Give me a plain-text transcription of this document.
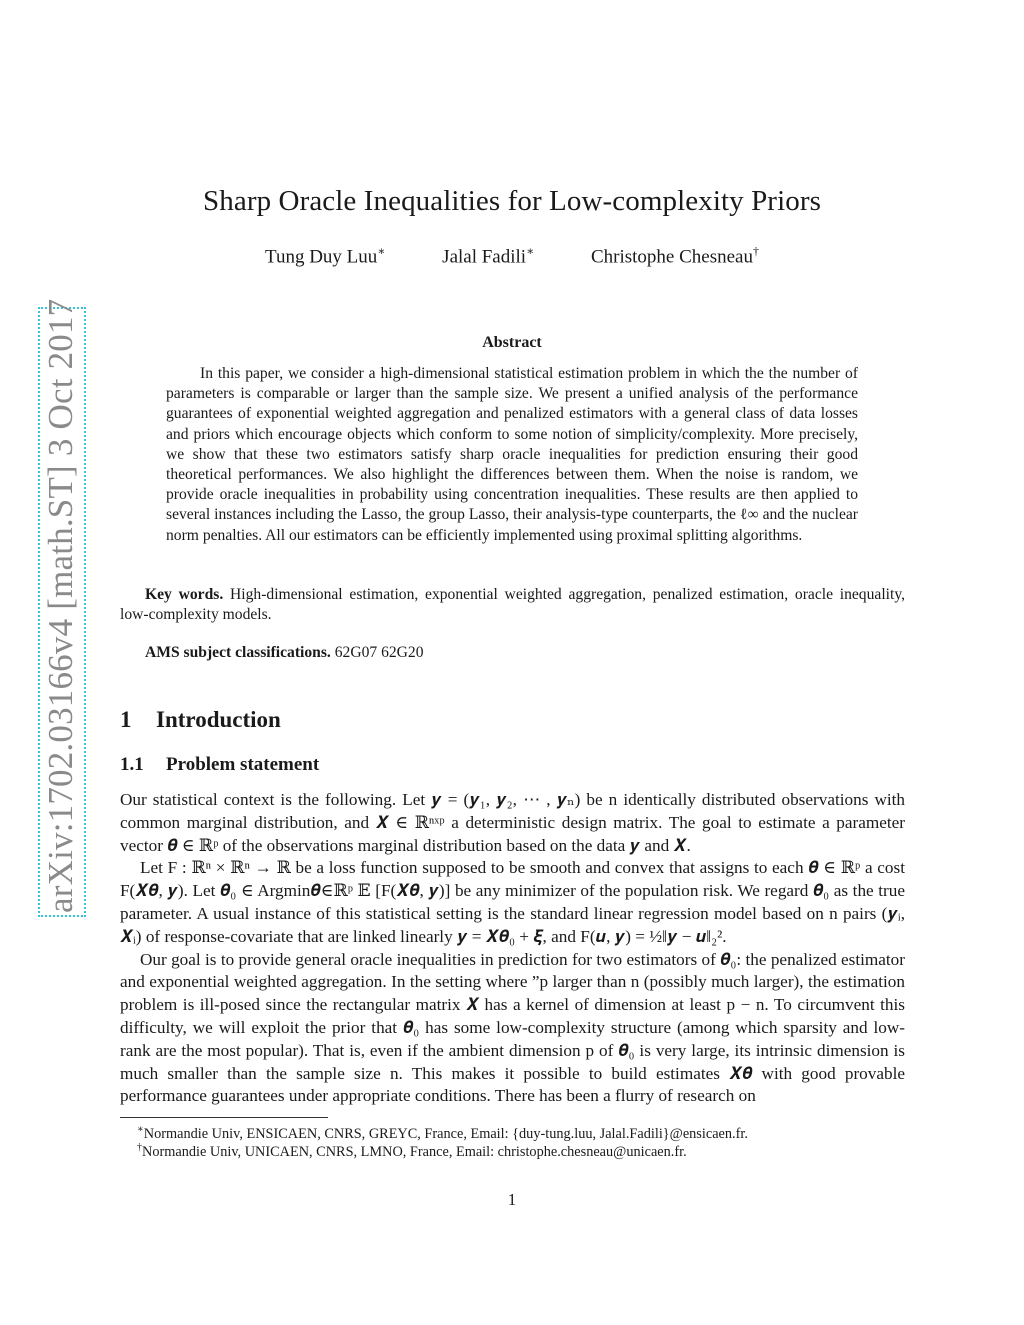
arXiv:1702.03166v4 [math.ST] 3 Oct 2017
Sharp Oracle Inequalities for Low-complexity Priors
Tung Duy Luu∗	Jalal Fadili∗	Christophe Chesneau†
Abstract
In this paper, we consider a high-dimensional statistical estimation problem in which the the number of parameters is comparable or larger than the sample size. We present a unified analysis of the performance guarantees of exponential weighted aggregation and penalized estimators with a general class of data losses and priors which encourage objects which conform to some notion of simplicity/complexity. More precisely, we show that these two estimators satisfy sharp oracle inequalities for prediction ensuring their good theoretical performances. We also highlight the differences between them. When the noise is random, we provide oracle inequalities in probability using concentration inequalities. These results are then applied to several instances including the Lasso, the group Lasso, their analysis-type counterparts, the ℓ∞ and the nuclear norm penalties. All our estimators can be efficiently implemented using proximal splitting algorithms.
Key words. High-dimensional estimation, exponential weighted aggregation, penalized estimation, oracle inequality, low-complexity models.
AMS subject classifications. 62G07 62G20
1 Introduction
1.1 Problem statement

Our statistical context is the following. Let 𝒚 = (𝒚₁, 𝒚₂, ⋯ , 𝒚ₙ) be n identically distributed observations with common marginal distribution, and 𝑿 ∈ ℝⁿˣᵖ a deterministic design matrix. The goal to estimate a parameter vector 𝜽 ∈ ℝᵖ of the observations marginal distribution based on the data 𝒚 and 𝑿.

Let F : ℝⁿ × ℝⁿ → ℝ be a loss function supposed to be smooth and convex that assigns to each 𝜽 ∈ ℝᵖ a cost F(𝑿𝜽, 𝒚). Let 𝜽₀ ∈ Argmin𝜽∈ℝᵖ 𝔼 [F(𝑿𝜽, 𝒚)] be any minimizer of the population risk. We regard 𝜽₀ as the true parameter. A usual instance of this statistical setting is the standard linear regression model based on n pairs (𝒚ᵢ, 𝑿ᵢ) of response-covariate that are linked linearly 𝒚 = 𝑿𝜽₀ + 𝝃, and F(𝒖, 𝒚) = ½‖𝒚 − 𝒖‖₂².

Our goal is to provide general oracle inequalities in prediction for two estimators of 𝜽₀: the penalized estimator and exponential weighted aggregation. In the setting where ”p larger than n (possibly much larger), the estimation problem is ill-posed since the rectangular matrix 𝑿 has a kernel of dimension at least p − n. To circumvent this difficulty, we will exploit the prior that 𝜽₀ has some low-complexity structure (among which sparsity and low-rank are the most popular). That is, even if the ambient dimension p of 𝜽₀ is very large, its intrinsic dimension is much smaller than the sample size n. This makes it possible to build estimates 𝑿𝜽̂ with good provable performance guarantees under appropriate conditions. There has been a flurry of research on

∗Normandie Univ, ENSICAEN, CNRS, GREYC, France, Email: {duy-tung.luu, Jalal.Fadili}@ensicaen.fr.
†Normandie Univ, UNICAEN, CNRS, LMNO, France, Email: christophe.chesneau@unicaen.fr.
1
